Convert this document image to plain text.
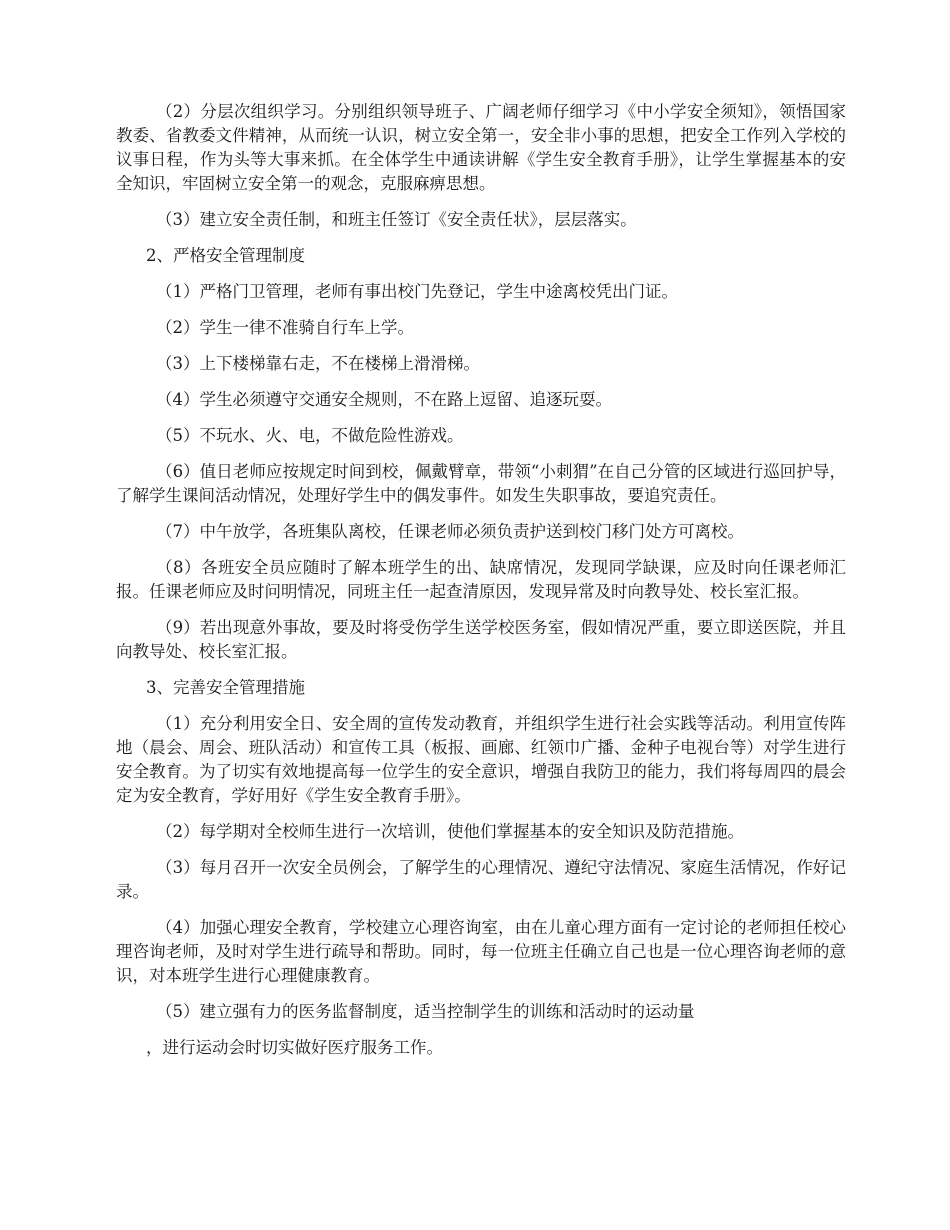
（2）分层次组织学习。分别组织领导班子、广阔老师仔细学习《中小学安全须知》，领悟国家教委、省教委文件精神，从而统一认识，树立安全第一，安全非小事的思想，把安全工作列入学校的议事日程，作为头等大事来抓。在全体学生中通读讲解《学生安全教育手册》，让学生掌握基本的安全知识，牢固树立安全第一的观念，克服麻痹思想。

（3）建立安全责任制，和班主任签订《安全责任状》，层层落实。

2、严格安全管理制度

（1）严格门卫管理，老师有事出校门先登记，学生中途离校凭出门证。

（2）学生一律不准骑自行车上学。

（3）上下楼梯靠右走，不在楼梯上滑滑梯。

（4）学生必须遵守交通安全规则，不在路上逗留、追逐玩耍。

（5）不玩水、火、电，不做危险性游戏。

（6）值日老师应按规定时间到校，佩戴臂章，带领“小刺猬”在自己分管的区域进行巡回护导，了解学生课间活动情况，处理好学生中的偶发事件。如发生失职事故，要追究责任。

（7）中午放学，各班集队离校，任课老师必须负责护送到校门移门处方可离校。

（8）各班安全员应随时了解本班学生的出、缺席情况，发现同学缺课，应及时向任课老师汇报。任课老师应及时问明情况，同班主任一起查清原因，发现异常及时向教导处、校长室汇报。

（9）若出现意外事故，要及时将受伤学生送学校医务室，假如情况严重，要立即送医院，并且向教导处、校长室汇报。

3、完善安全管理措施

（1）充分利用安全日、安全周的宣传发动教育，并组织学生进行社会实践等活动。利用宣传阵地（晨会、周会、班队活动）和宣传工具（板报、画廊、红领巾广播、金种子电视台等）对学生进行安全教育。为了切实有效地提高每一位学生的安全意识，增强自我防卫的能力，我们将每周四的晨会定为安全教育，学好用好《学生安全教育手册》。

（2）每学期对全校师生进行一次培训，使他们掌握基本的安全知识及防范措施。

（3）每月召开一次安全员例会，了解学生的心理情况、遵纪守法情况、家庭生活情况，作好记录。

（4）加强心理安全教育，学校建立心理咨询室，由在儿童心理方面有一定讨论的老师担任校心理咨询老师，及时对学生进行疏导和帮助。同时，每一位班主任确立自己也是一位心理咨询老师的意识，对本班学生进行心理健康教育。

（5）建立强有力的医务监督制度，适当控制学生的训练和活动时的运动量

，进行运动会时切实做好医疗服务工作。
